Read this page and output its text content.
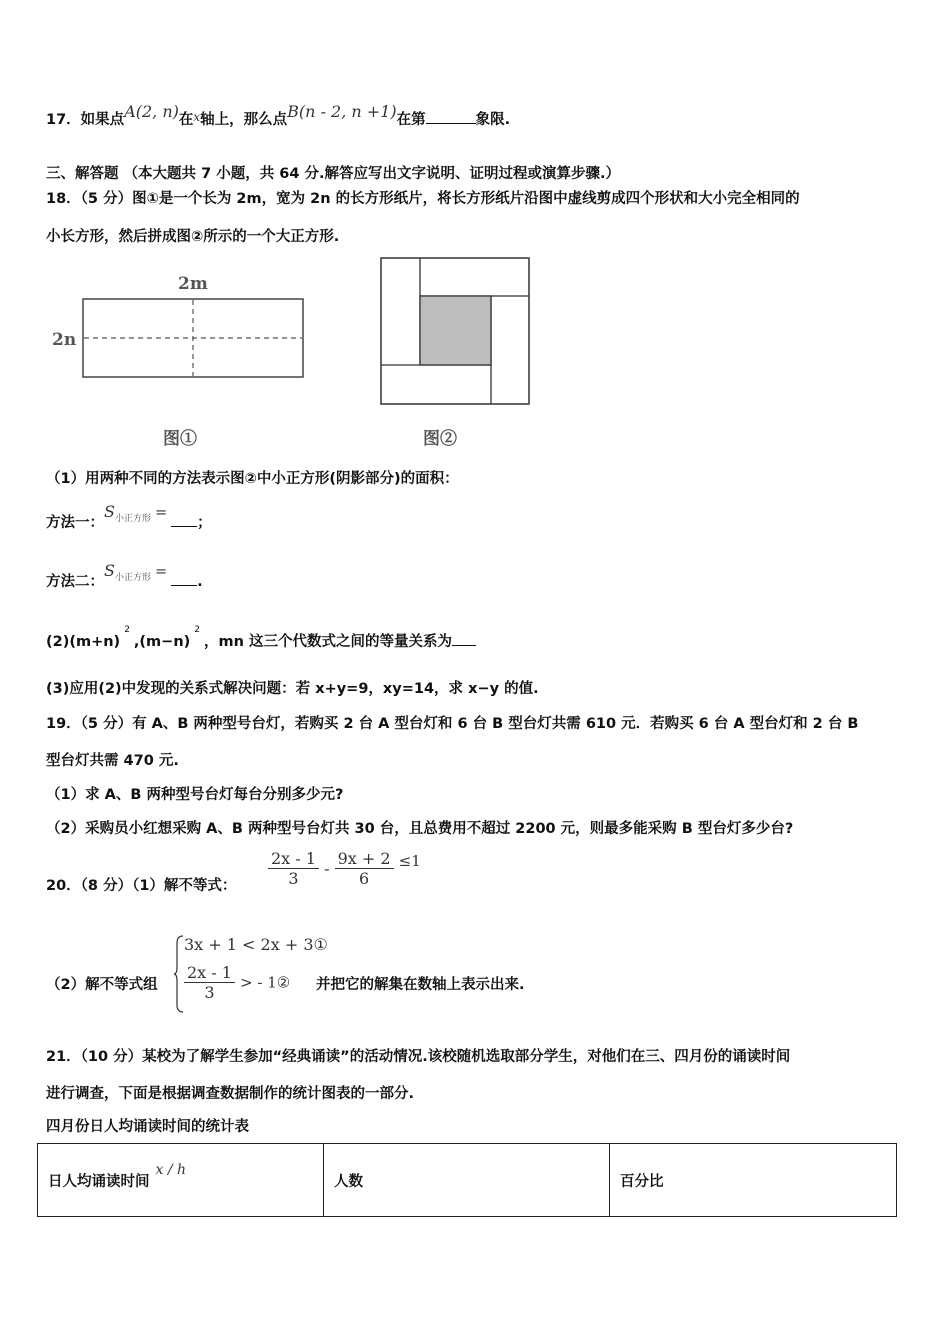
17．如果点A(2, n)在$^x$轴上，那么点B(n - 2, n +1)在第	象限.
三、解答题 （本大题共 7 小题，共 64 分.解答应写出文字说明、证明过程或演算步骤.）
18．（5 分）图①是一个长为 2m，宽为 2n 的长方形纸片，将长方形纸片沿图中虚线剪成四个形状和大小完全相同的
小长方形，然后拼成图②所示的一个大正方形.
2m
2n
图①	图②
（1）用两种不同的方法表示图②中小正方形(阴影部分)的面积：
方法一：$S^{小正方形}$ =；
方法二：$S^{小正方形}$ =.
$(2)(m+n)^2,(m-n)^2$，mn 这三个代数式之间的等量关系为
(3)应用(2)中发现的关系式解决问题：若 x+y=9，xy=14，求 x−y 的值.
19．（5 分）有 A、B 两种型号台灯，若购买 2 台 A 型台灯和 6 台 B 型台灯共需 610 元．若购买 6 台 A 型台灯和 2 台 B
型台灯共需 470 元.
（1）求 A、B 两种型号台灯每台分别多少元?
（2）采购员小红想采购 A、B 两种型号台灯共 30 台，且总费用不超过 2200 元，则最多能采购 B 型台灯多少台?
20．（8 分）（1）解不等式： $\frac{2x - 1}{3} - \frac{9x + 2}{6} \le 1$
（2）解不等式组
3x + 1 < 2x + 3①
$\frac{2x - 1}{3}$ > - 1② 并把它的解集在数轴上表示出来.
21．（10 分）某校为了解学生参加“经典诵读”的活动情况.该校随机选取部分学生，对他们在三、四月份的诵读时间
进行调查，下面是根据调查数据制作的统计图表的一部分.
四月份日人均诵读时间的统计表
日人均诵读时间x / h	人数	百分比
